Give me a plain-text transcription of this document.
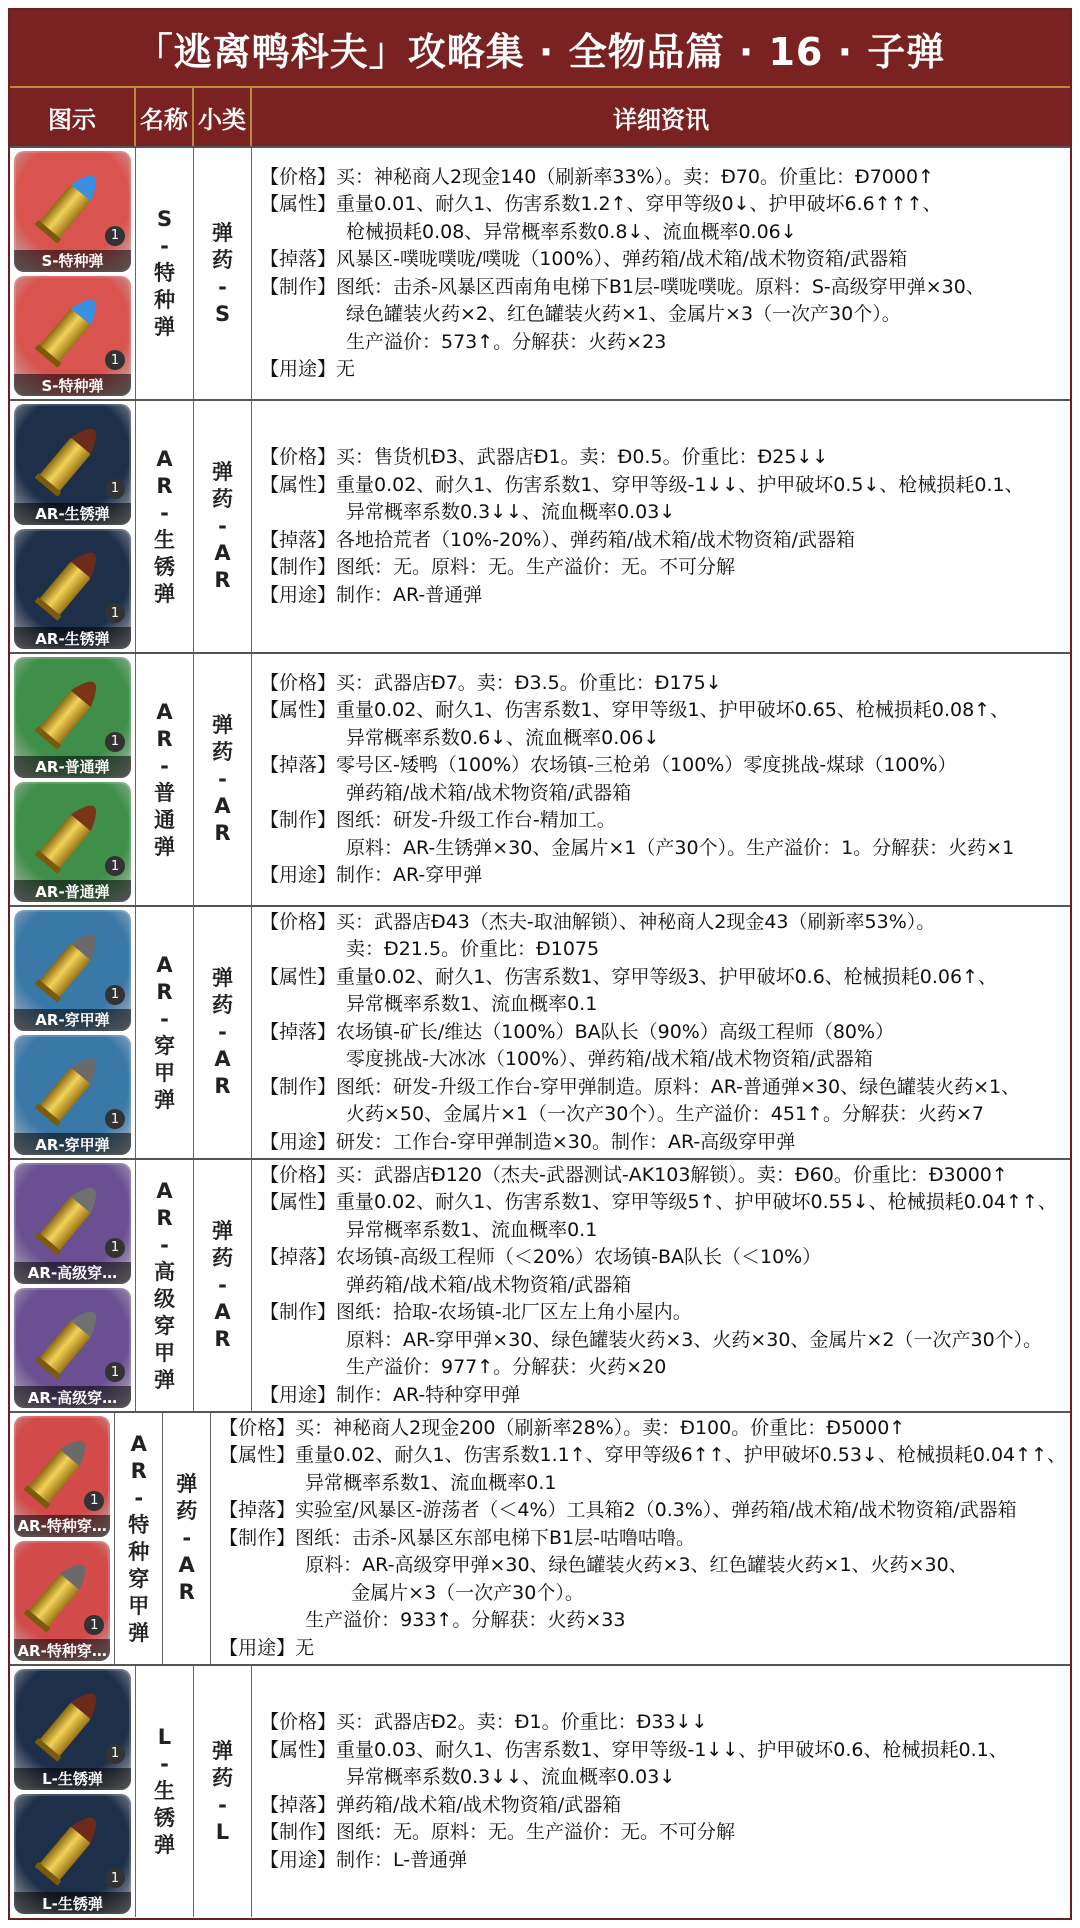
「逃离鸭科夫」攻略集 · 全物品篇 · 16 · 子弹
图示	名称 小类	详细资讯
1
S-特种弹
1
S-特种弹
S
-
特
种
弹
弹
药
-
S
【价格】买：神秘商人2现金140（刷新率33%）。卖：Đ70。价重比：Đ7000↑
【属性】重量0.01、耐久1、伤害系数1.2↑、穿甲等级0↓、护甲破坏6.6↑↑↑、
枪械损耗0.08、异常概率系数0.8↓、流血概率0.06↓
【掉落】风暴区-噗咙噗咙/噗咙（100%）、弹药箱/战术箱/战术物资箱/武器箱
【制作】图纸：击杀-风暴区西南角电梯下B1层-噗咙噗咙。原料：S-高级穿甲弹×30、
绿色罐装火药×2、红色罐装火药×1、金属片×3（一次产30个）。
生产溢价：573↑。分解获：火药×23
【用途】无
1
AR-生锈弹
1
AR-生锈弹
A
R
-
生
锈
弹
弹
药
-
A
R
【价格】买：售货机Đ3、武器店Đ1。卖：Đ0.5。价重比：Đ25↓↓
【属性】重量0.02、耐久1、伤害系数1、穿甲等级-1↓↓、护甲破坏0.5↓、枪械损耗0.1、
异常概率系数0.3↓↓、流血概率0.03↓
【掉落】各地拾荒者（10%-20%）、弹药箱/战术箱/战术物资箱/武器箱
【制作】图纸：无。原料：无。生产溢价：无。不可分解
【用途】制作：AR-普通弹
1
AR-普通弹
1
AR-普通弹
A
R
-
普
通
弹
弹
药
-
A
R
【价格】买：武器店Đ7。卖：Đ3.5。价重比：Đ175↓
【属性】重量0.02、耐久1、伤害系数1、穿甲等级1、护甲破坏0.65、枪械损耗0.08↑、
异常概率系数0.6↓、流血概率0.06↓
【掉落】零号区-矮鸭（100%）农场镇-三枪弟（100%）零度挑战-煤球（100%）
弹药箱/战术箱/战术物资箱/武器箱
【制作】图纸：研发-升级工作台-精加工。
原料：AR-生锈弹×30、金属片×1（产30个）。生产溢价：1。分解获：火药×1
【用途】制作：AR-穿甲弹
1
AR-穿甲弹
1
AR-穿甲弹
A
R
-
穿
甲
弹
弹
药
-
A
R
【价格】买：武器店Đ43（杰夫-取油解锁）、神秘商人2现金43（刷新率53%）。
卖：Đ21.5。价重比：Đ1075
【属性】重量0.02、耐久1、伤害系数1、穿甲等级3、护甲破坏0.6、枪械损耗0.06↑、
异常概率系数1、流血概率0.1
【掉落】农场镇-矿长/维达（100%）BA队长（90%）高级工程师（80%）
零度挑战-大冰冰（100%）、弹药箱/战术箱/战术物资箱/武器箱
【制作】图纸：研发-升级工作台-穿甲弹制造。原料：AR-普通弹×30、绿色罐装火药×1、
火药×50、金属片×1（一次产30个）。生产溢价：451↑。分解获：火药×7
【用途】研发：工作台-穿甲弹制造×30。制作：AR-高级穿甲弹
1
AR-高级穿…
1
AR-高级穿…
A
R
-
高
级
穿
甲
弹
弹
药
-
A
R
【价格】买：武器店Đ120（杰夫-武器测试-AK103解锁）。卖：Đ60。价重比：Đ3000↑
【属性】重量0.02、耐久1、伤害系数1、穿甲等级5↑、护甲破坏0.55↓、枪械损耗0.04↑↑、
异常概率系数1、流血概率0.1
【掉落】农场镇-高级工程师（＜20%）农场镇-BA队长（＜10%）
弹药箱/战术箱/战术物资箱/武器箱
【制作】图纸：拾取-农场镇-北厂区左上角小屋内。
原料：AR-穿甲弹×30、绿色罐装火药×3、火药×30、金属片×2（一次产30个）。
生产溢价：977↑。分解获：火药×20
【用途】制作：AR-特种穿甲弹
1
AR-特种穿…
1
AR-特种穿…
A
R
-
特
种
穿
甲
弹
弹
药
-
A
R
【价格】买：神秘商人2现金200（刷新率28%）。卖：Đ100。价重比：Đ5000↑
【属性】重量0.02、耐久1、伤害系数1.1↑、穿甲等级6↑↑、护甲破坏0.53↓、枪械损耗0.04↑↑、
异常概率系数1、流血概率0.1
【掉落】实验室/风暴区-游荡者（＜4%）工具箱2（0.3%）、弹药箱/战术箱/战术物资箱/武器箱
【制作】图纸：击杀-风暴区东部电梯下B1层-咕噜咕噜。
原料：AR-高级穿甲弹×30、绿色罐装火药×3、红色罐装火药×1、火药×30、
金属片×3（一次产30个）。
生产溢价：933↑。分解获：火药×33
【用途】无
1
L-生锈弹
1
L-生锈弹
L
-
生
锈
弹
弹
药
-
L
【价格】买：武器店Đ2。卖：Đ1。价重比：Đ33↓↓
【属性】重量0.03、耐久1、伤害系数1、穿甲等级-1↓↓、护甲破坏0.6、枪械损耗0.1、
异常概率系数0.3↓↓、流血概率0.03↓
【掉落】弹药箱/战术箱/战术物资箱/武器箱
【制作】图纸：无。原料：无。生产溢价：无。不可分解
【用途】制作：L-普通弹
